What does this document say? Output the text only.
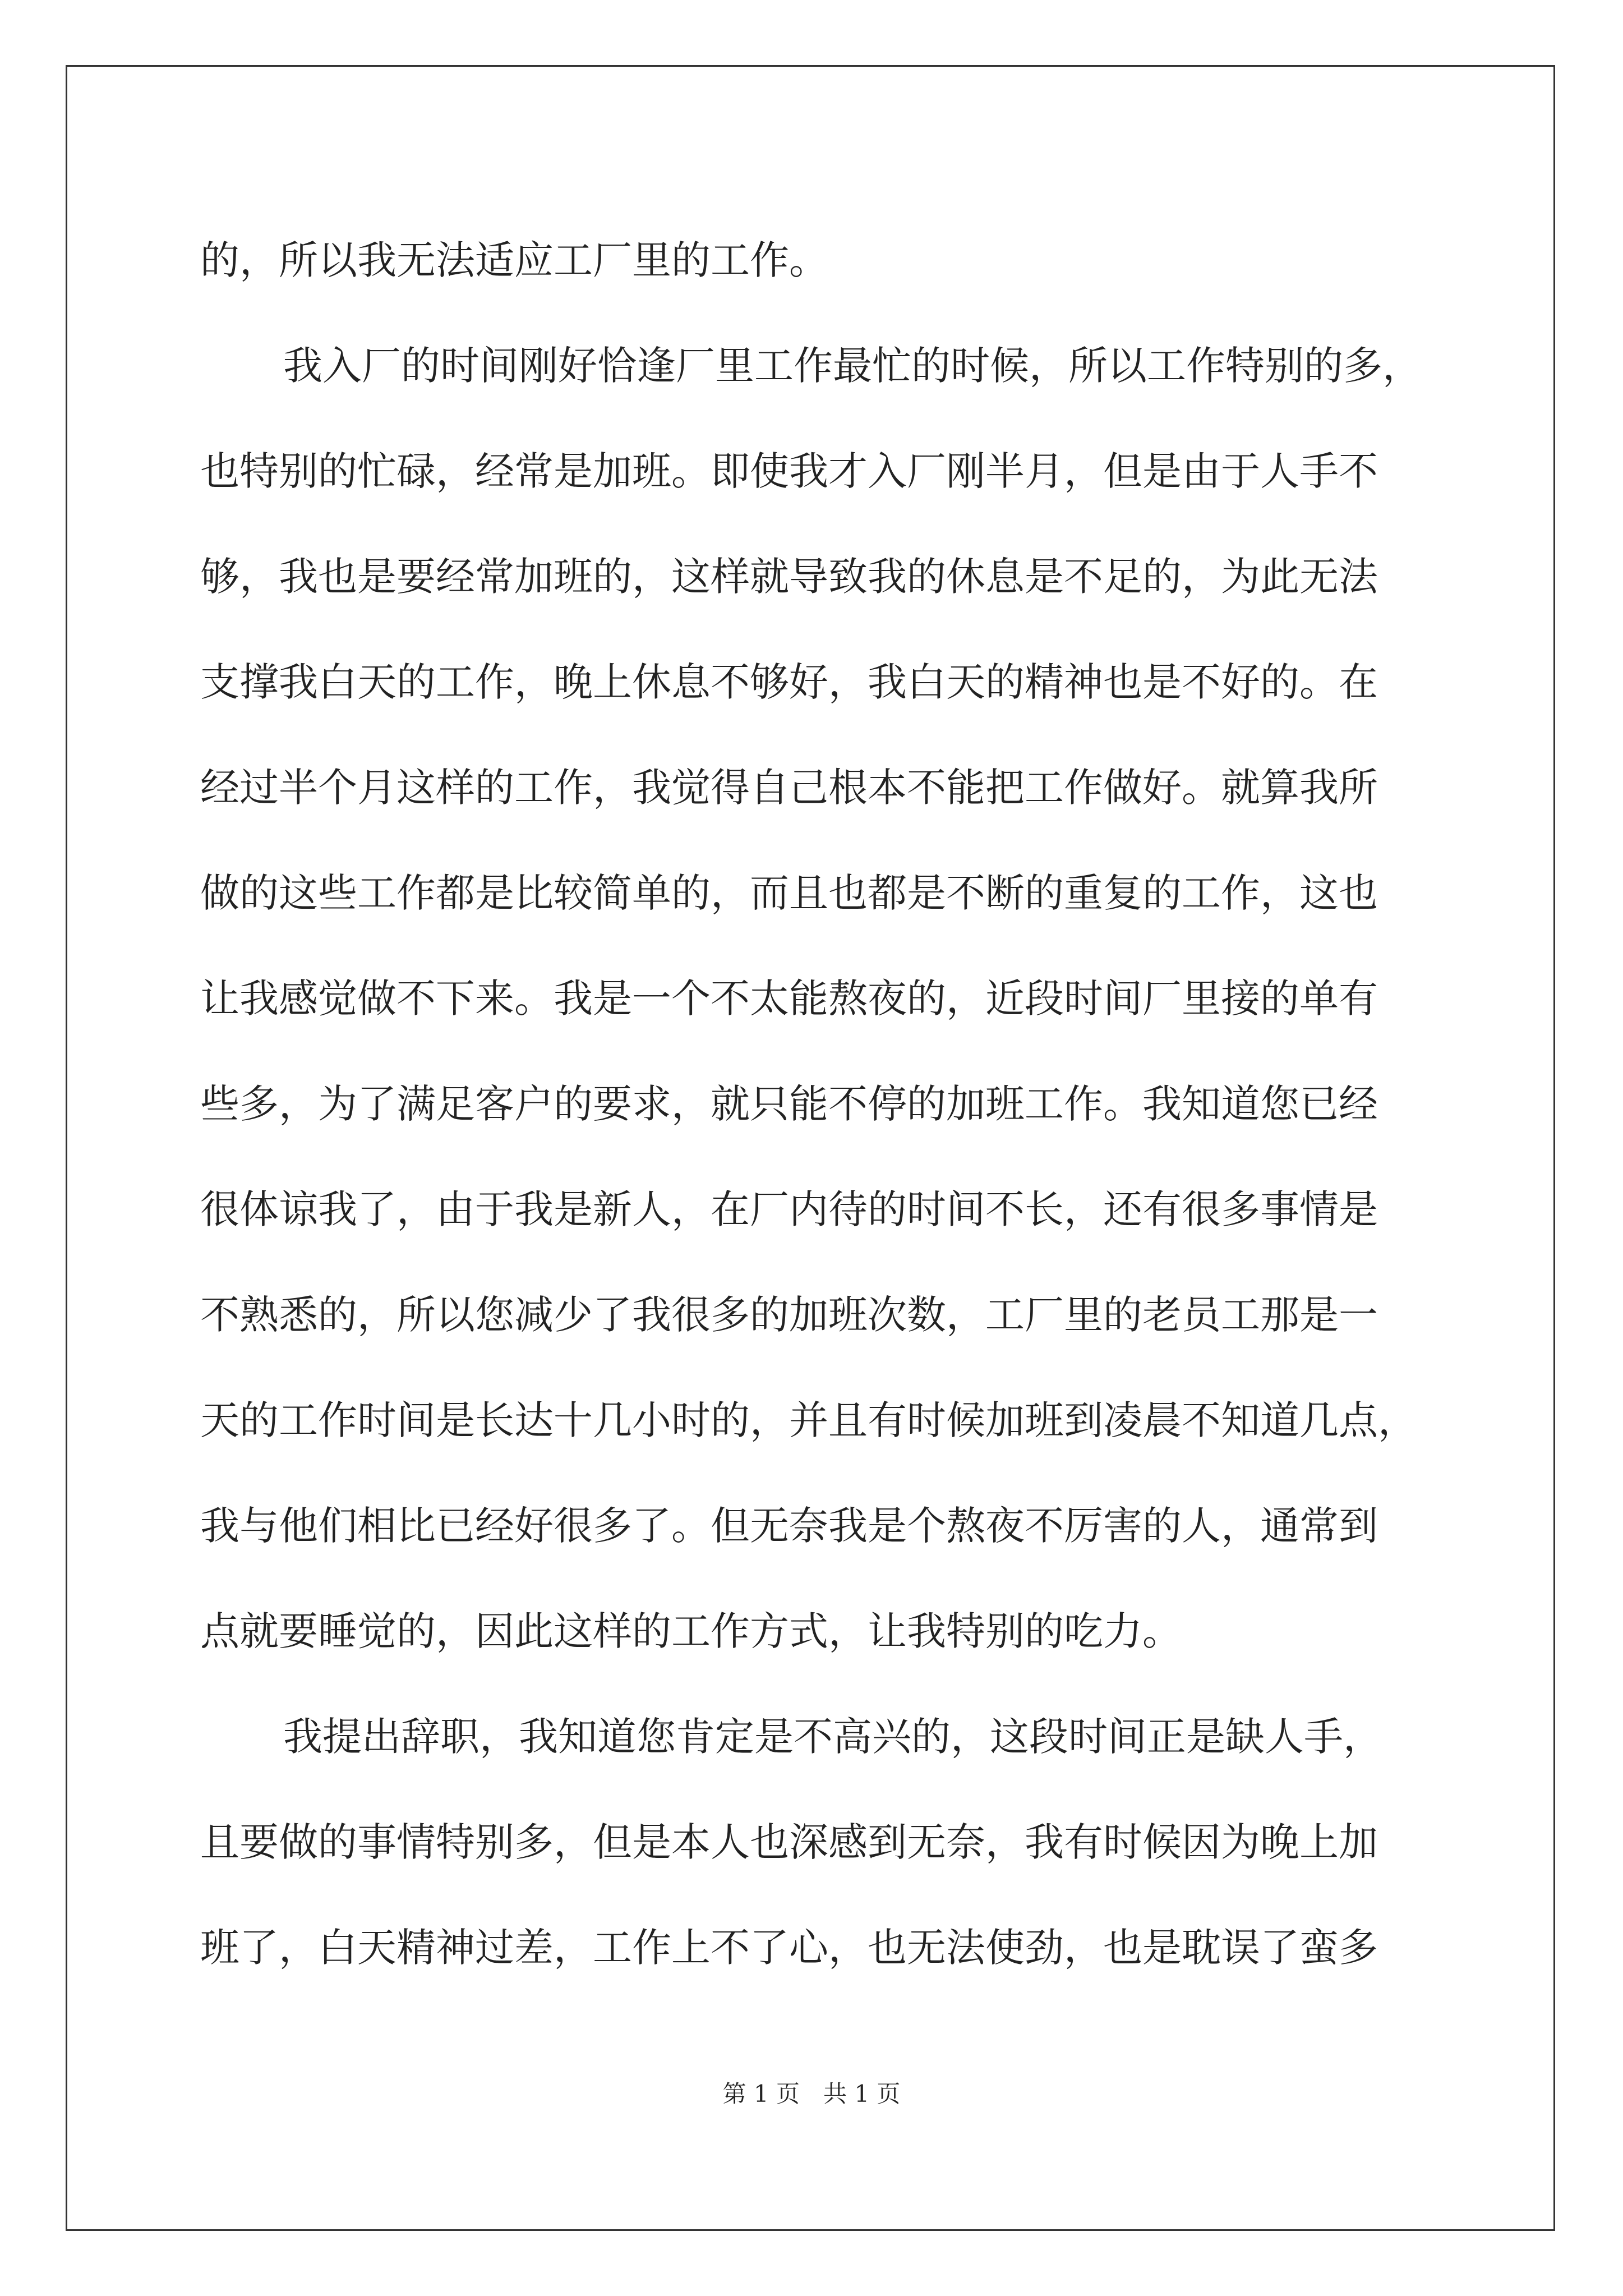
的，所以我无法适应工厂里的工作。
我入厂的时间刚好恰逢厂里工作最忙的时候，所以工作特别的多，
也特别的忙碌，经常是加班。即使我才入厂刚半月，但是由于人手不
够，我也是要经常加班的，这样就导致我的休息是不足的，为此无法
支撑我白天的工作，晚上休息不够好，我白天的精神也是不好的。在
经过半个月这样的工作，我觉得自己根本不能把工作做好。就算我所
做的这些工作都是比较简单的，而且也都是不断的重复的工作，这也
让我感觉做不下来。我是一个不太能熬夜的，近段时间厂里接的单有
些多，为了满足客户的要求，就只能不停的加班工作。我知道您已经
很体谅我了，由于我是新人，在厂内待的时间不长，还有很多事情是
不熟悉的，所以您减少了我很多的加班次数，工厂里的老员工那是一
天的工作时间是长达十几小时的，并且有时候加班到凌晨不知道几点，
我与他们相比已经好很多了。但无奈我是个熬夜不厉害的人，通常到
点就要睡觉的，因此这样的工作方式，让我特别的吃力。
我提出辞职，我知道您肯定是不高兴的，这段时间正是缺人手，
且要做的事情特别多，但是本人也深感到无奈，我有时候因为晚上加
班了，白天精神过差，工作上不了心，也无法使劲，也是耽误了蛮多
第 1 页　共 1 页
